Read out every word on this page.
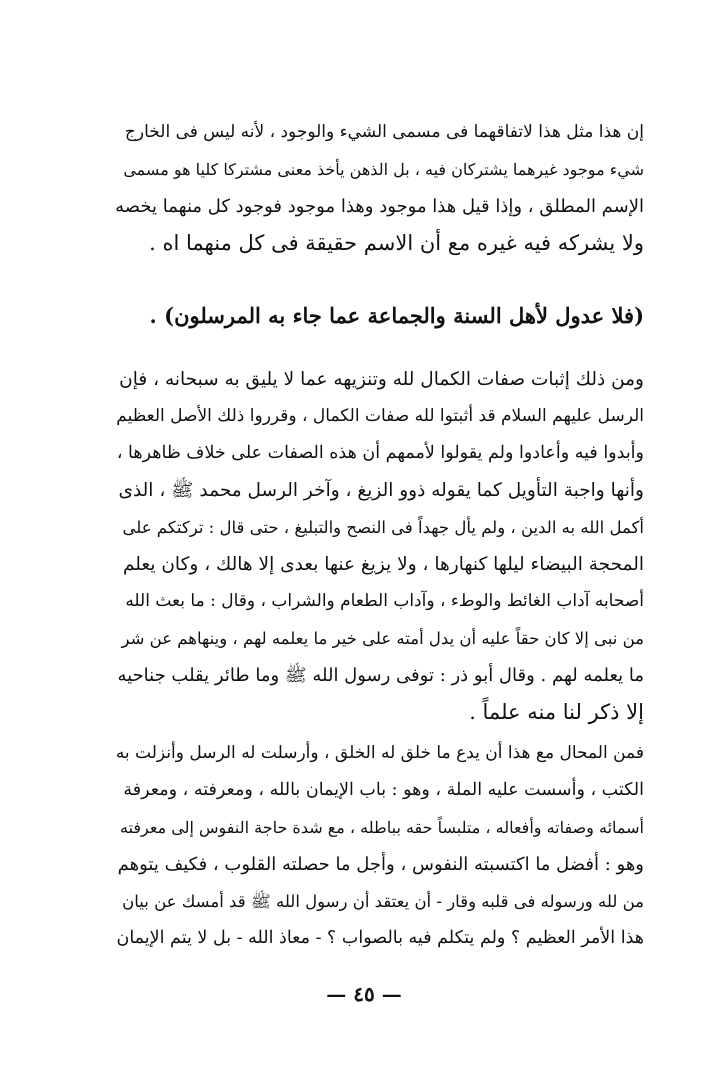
إن هذا مثل هذا لاتفاقهما فى مسمى الشيء والوجود ، لأنه ليس فى الخارج
شيء موجود غيرهما يشتركان فيه ، بل الذهن يأخذ معنى مشتركا كليا هو مسمى
الإسم المطلق ، وإذا قيل هذا موجود وهذا موجود فوجود كل منهما يخصه
ولا يشركه فيه غيره مع أن الاسم حقيقة فى كل منهما اه .
(فلا عدول لأهل السنة والجماعة عما جاء به المرسلون) .
ومن ذلك إثبات صفات الكمال لله وتنزيهه عما لا يليق به سبحانه ، فإن
الرسل عليهم السلام قد أثبتوا لله صفات الكمال ، وقرروا ذلك الأصل العظيم
وأبدوا فيه وأعادوا ولم يقولوا لأممهم أن هذه الصفات على خلاف ظاهرها ،
وأنها واجبة التأويل كما يقوله ذوو الزيغ ، وآخر الرسل محمد ﷺ ، الذى
أكمل الله به الدين ، ولم يأل جهداً فى النصح والتبليغ ، حتى قال : تركتكم على
المحجة البيضاء ليلها كنهارها ، ولا يزيغ عنها بعدى إلا هالك ، وكان يعلم
أصحابه آداب الغائط والوطء ، وآداب الطعام والشراب ، وقال : ما بعث الله
من نبى إلا كان حقاً عليه أن يدل أمته على خير ما يعلمه لهم ، وينهاهم عن شر
ما يعلمه لهم . وقال أبو ذر : توفى رسول الله ﷺ وما طائر يقلب جناحيه
إلا ذكر لنا منه علماً .
فمن المحال مع هذا أن يدع ما خلق له الخلق ، وأرسلت له الرسل وأنزلت به
الكتب ، وأسست عليه الملة ، وهو : باب الإيمان بالله ، ومعرفته ، ومعرفة
أسمائه وصفاته وأفعاله ، متلبساً حقه بباطله ، مع شدة حاجة النفوس إلى معرفته
وهو : أفضل ما اكتسبته النفوس ، وأجل ما حصلته القلوب ، فكيف يتوهم
من لله ورسوله فى قلبه وقار - أن يعتقد أن رسول الله ﷺ قد أمسك عن بيان
هذا الأمر العظيم ؟ ولم يتكلم فيه بالصواب ؟ - معاذ الله - بل لا يتم الإيمان
— ٤٥ —
